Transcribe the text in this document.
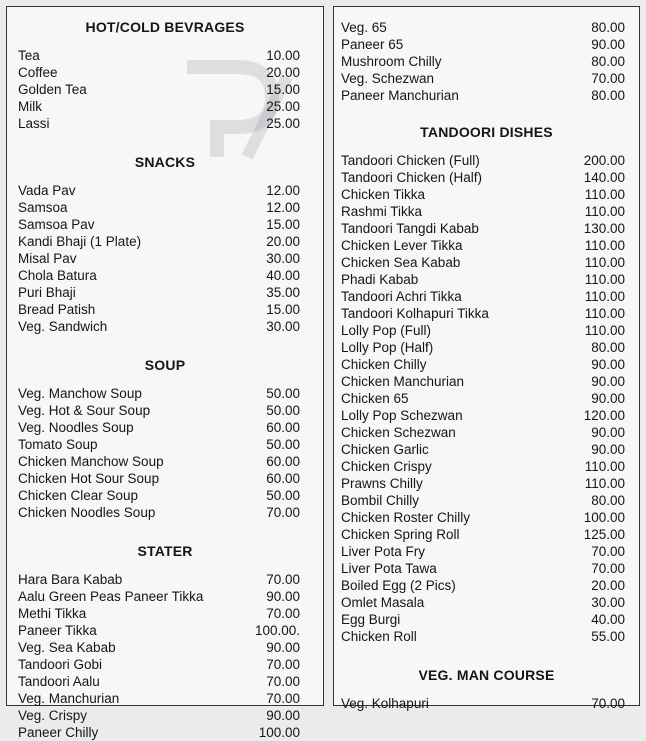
HOT/COLD BEVRAGES
Tea	10.00
Coffee	20.00
Golden Tea	15.00
Milk	25.00
Lassi	25.00
SNACKS
Vada Pav	12.00
Samsoa	12.00
Samsoa Pav	15.00
Kandi Bhaji (1 Plate)	20.00
Misal Pav	30.00
Chola Batura	40.00
Puri Bhaji	35.00
Bread Patish	15.00
Veg. Sandwich	30.00
SOUP
Veg. Manchow Soup	50.00
Veg. Hot & Sour Soup	50.00
Veg. Noodles Soup	60.00
Tomato Soup	50.00
Chicken Manchow Soup	60.00
Chicken Hot Sour Soup	60.00
Chicken Clear Soup	50.00
Chicken Noodles Soup	70.00
STATER
Hara Bara Kabab	70.00
Aalu Green Peas Paneer Tikka	90.00
Methi Tikka	70.00
Paneer Tikka	100.00.
Veg. Sea Kabab	90.00
Tandoori Gobi	70.00
Tandoori Aalu	70.00
Veg. Manchurian	70.00
Veg. Crispy	90.00
Paneer Chilly	100.00
Veg. 65	80.00
Paneer 65	90.00
Mushroom Chilly	80.00
Veg. Schezwan	70.00
Paneer Manchurian	80.00
TANDOORI DISHES
Tandoori Chicken (Full)	200.00
Tandoori Chicken (Half)	140.00
Chicken Tikka	110.00
Rashmi Tikka	110.00
Tandoori Tangdi Kabab	130.00
Chicken Lever Tikka	110.00
Chicken Sea Kabab	110.00
Phadi Kabab	110.00
Tandoori Achri Tikka	110.00
Tandoori Kolhapuri Tikka	110.00
Lolly Pop (Full)	110.00
Lolly Pop (Half)	80.00
Chicken Chilly	90.00
Chicken Manchurian	90.00
Chicken 65	90.00
Lolly Pop Schezwan	120.00
Chicken Schezwan	90.00
Chicken Garlic	90.00
Chicken Crispy	110.00
Prawns Chilly	110.00
Bombil Chilly	80.00
Chicken Roster Chilly	100.00
Chicken Spring Roll	125.00
Liver Pota Fry	70.00
Liver Pota Tawa	70.00
Boiled Egg (2 Pics)	20.00
Omlet Masala	30.00
Egg Burgi	40.00
Chicken Roll	55.00
VEG. MAN COURSE
Veg. Kolhapuri	70.00
